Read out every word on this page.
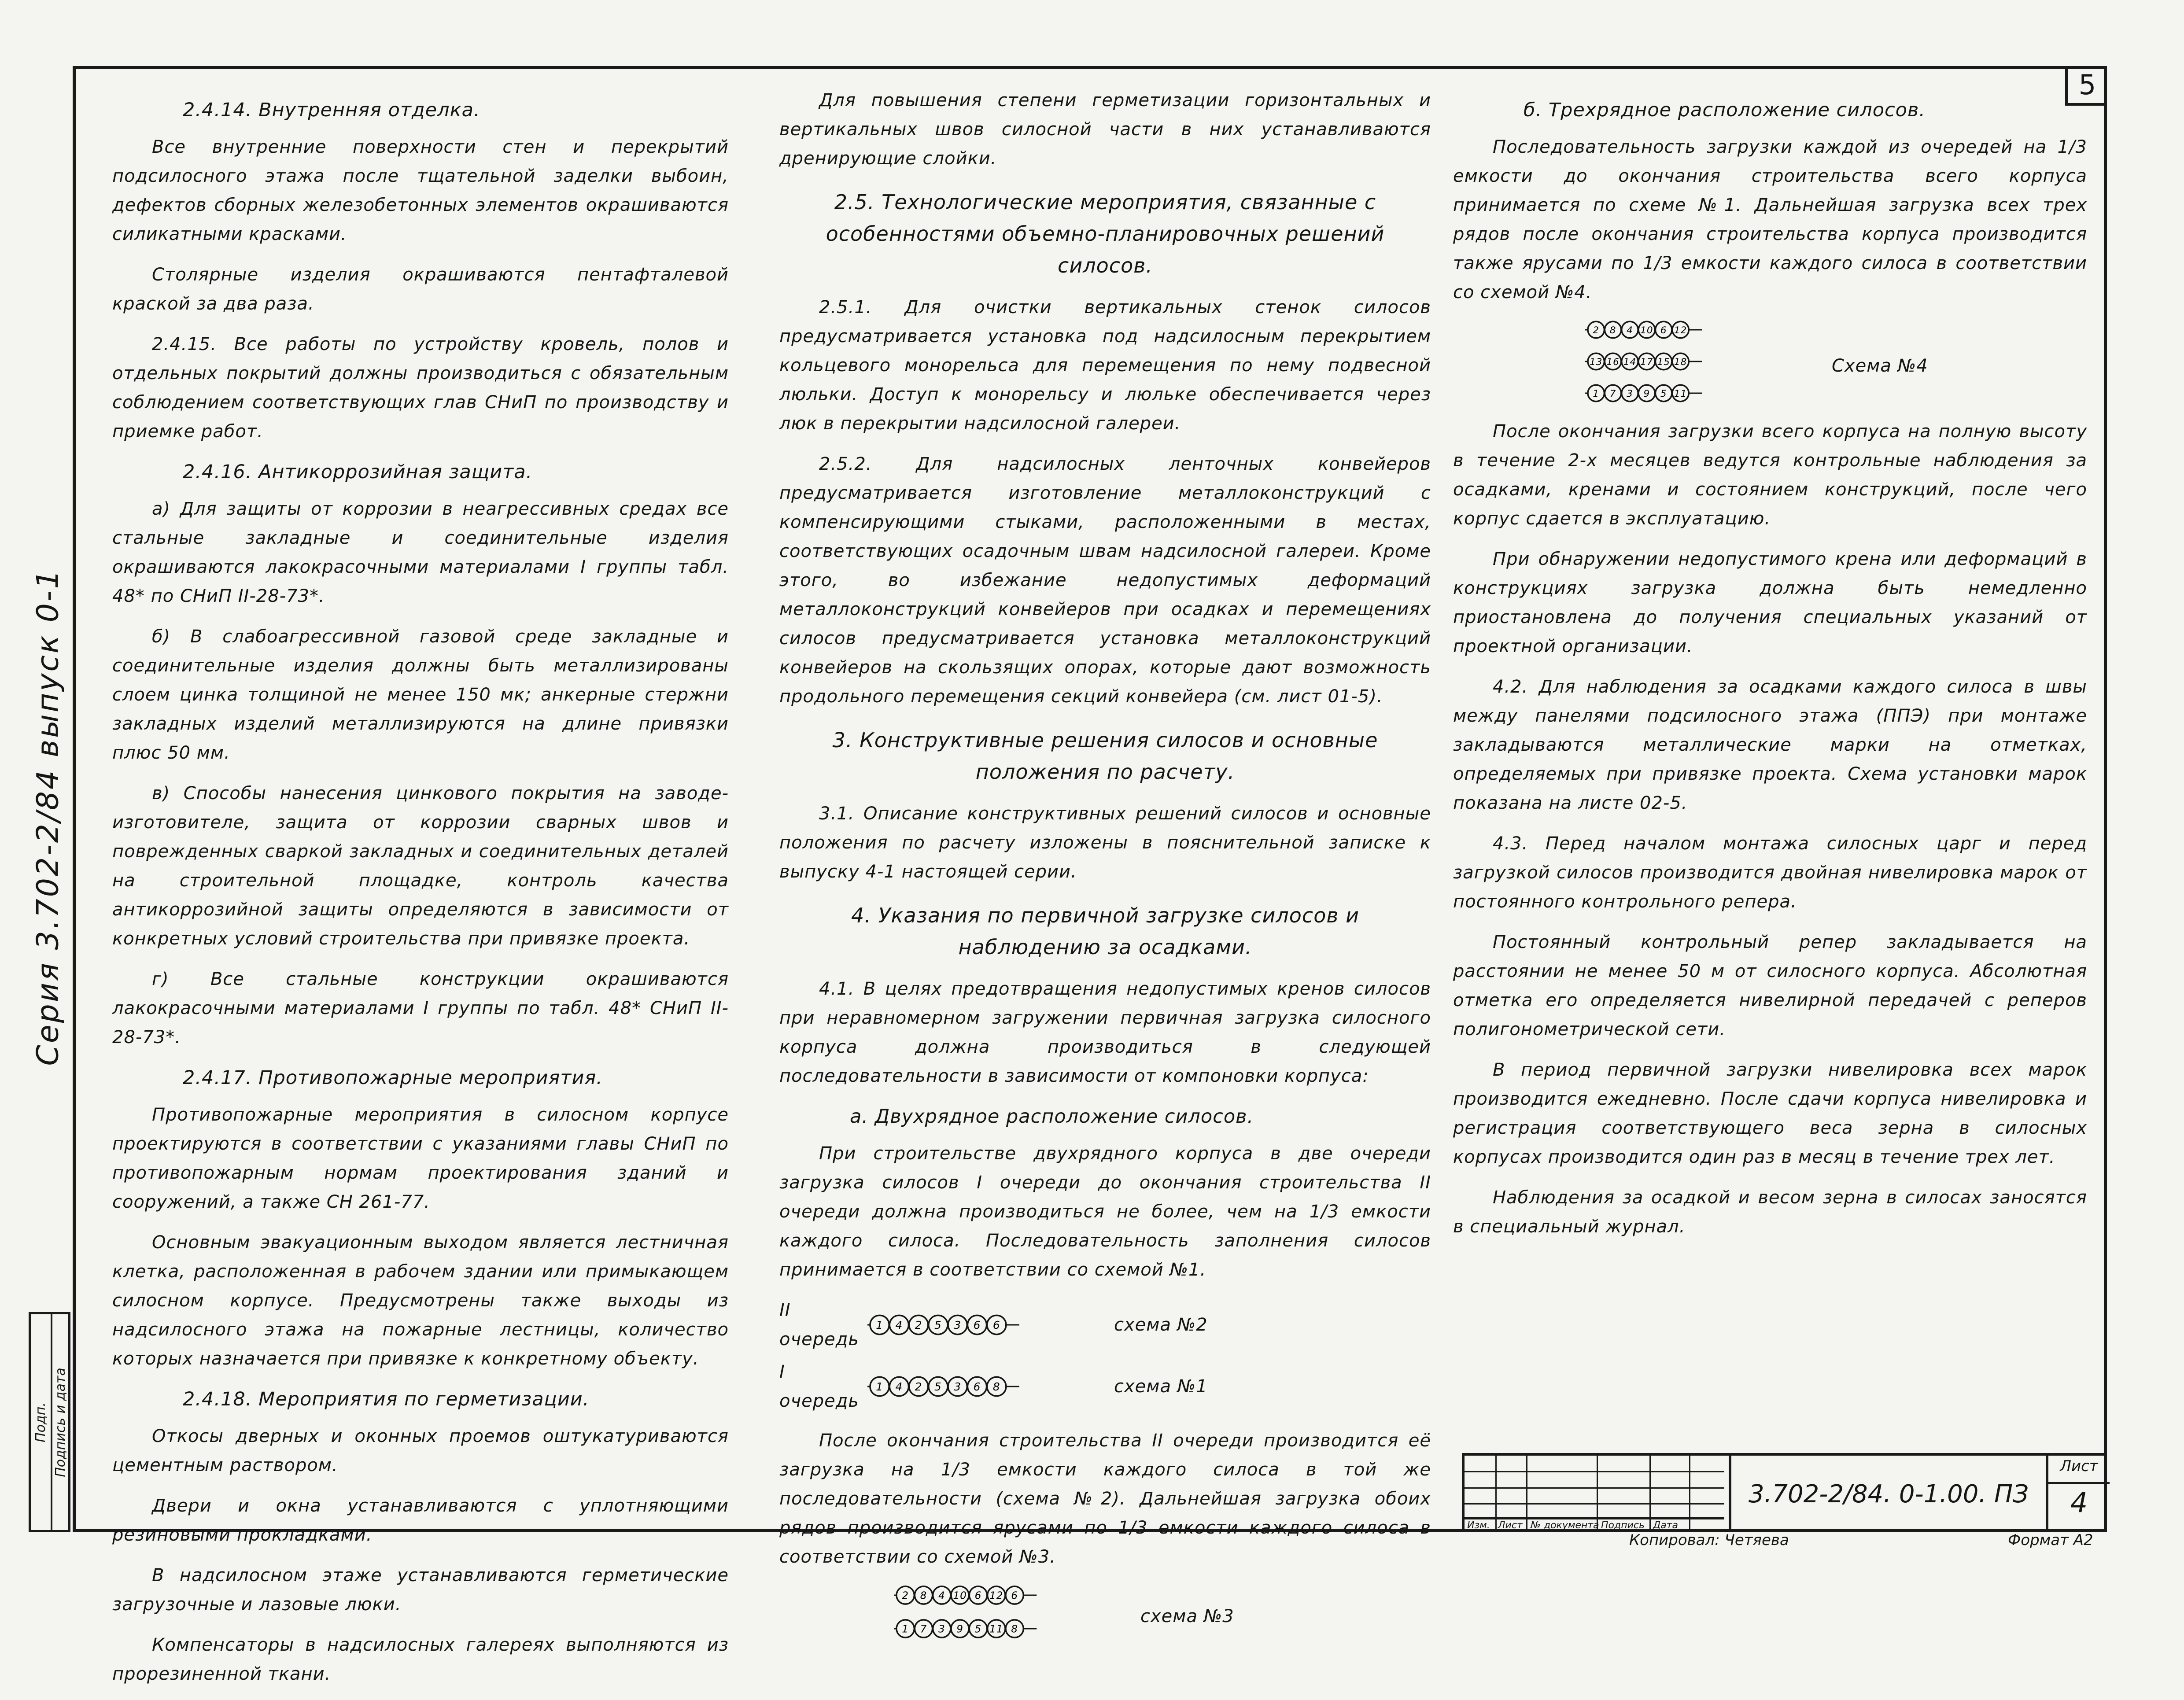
Серия 3.702-2/84 выпуск 0-1
Подп. Подпись и дата
5
2.4.14. Внутренняя отделка.

Все внутренние поверхности стен и перекрытий подсилосного этажа после тщательной заделки выбоин, дефектов сборных железобетонных элементов окрашиваются силикатными красками.

Столярные изделия окрашиваются пентафталевой краской за два раза.

2.4.15. Все работы по устройству кровель, полов и отдельных покрытий должны производиться с обязательным соблюдением соответствующих глав СНиП по производству и приемке работ.

2.4.16. Антикоррозийная защита.

а) Для защиты от коррозии в неагрессивных средах все стальные закладные и соединительные изделия окрашиваются лакокрасочными материалами I группы табл. 48* по СНиП II-28-73*.

б) В слабоагрессивной газовой среде закладные и соединительные изделия должны быть металлизированы слоем цинка толщиной не менее 150 мк; анкерные стержни закладных изделий металлизируются на длине привязки плюс 50 мм.

в) Способы нанесения цинкового покрытия на заводе-изготовителе, защита от коррозии сварных швов и поврежденных сваркой закладных и соединительных деталей на строительной площадке, контроль качества антикоррозийной защиты определяются в зависимости от конкретных условий строительства при привязке проекта.

г) Все стальные конструкции окрашиваются лакокрасочными материалами I группы по табл. 48* СНиП II-28-73*.

2.4.17. Противопожарные мероприятия.

Противопожарные мероприятия в силосном корпусе проектируются в соответствии с указаниями главы СНиП по противопожарным нормам проектирования зданий и сооружений, а также СН 261-77.

Основным эвакуационным выходом является лестничная клетка, расположенная в рабочем здании или примыкающем силосном корпусе. Предусмотрены также выходы из надсилосного этажа на пожарные лестницы, количество которых назначается при привязке к конкретному объекту.

2.4.18. Мероприятия по герметизации.

Откосы дверных и оконных проемов оштукатуриваются цементным раствором.

Двери и окна устанавливаются с уплотняющими резиновыми прокладками.

В надсилосном этаже устанавливаются герметические загрузочные и лазовые люки.

Компенсаторы в надсилосных галереях выполняются из прорезиненной ткани.

Для повышения степени герметизации горизонтальных и вертикальных швов силосной части в них устанавливаются дренирующие слойки.

2.5. Технологические мероприятия, связанные с особенностями объемно-планировочных решений силосов.

2.5.1. Для очистки вертикальных стенок силосов предусматривается установка под надсилосным перекрытием кольцевого монорельса для перемещения по нему подвесной люльки. Доступ к монорельсу и люльке обеспечивается через люк в перекрытии надсилосной галереи.

2.5.2. Для надсилосных ленточных конвейеров предусматривается изготовление металлоконструкций с компенсирующими стыками, расположенными в местах, соответствующих осадочным швам надсилосной галереи. Кроме этого, во избежание недопустимых деформаций металлоконструкций конвейеров при осадках и перемещениях силосов предусматривается установка металлоконструкций конвейеров на скользящих опорах, которые дают возможность продольного перемещения секций конвейера (см. лист 01-5).

3. Конструктивные решения силосов и основные положения по расчету.

3.1. Описание конструктивных решений силосов и основные положения по расчету изложены в пояснительной записке к выпуску 4-1 настоящей серии.

4. Указания по первичной загрузке силосов и наблюдению за осадками.

4.1. В целях предотвращения недопустимых кренов силосов при неравномерном загружении первичная загрузка силосного корпуса должна производиться в следующей последовательности в зависимости от компоновки корпуса:

а. Двухрядное расположение силосов.

При строительстве двухрядного корпуса в две очереди загрузка силосов I очереди до окончания строительства II очереди должна производиться не более, чем на 1/3 емкости каждого силоса. Последовательность заполнения силосов принимается в соответствии со схемой №1.

II очередь
1 4 2 5 3 6 6	схема №2
I очередь
1 4 2 5 3 6 8	схема №1

После окончания строительства II очереди производится её загрузка на 1/3 емкости каждого силоса в той же последовательности (схема №2). Дальнейшая загрузка обоих рядов производится ярусами по 1/3 емкости каждого силоса в соответствии со схемой №3.

2 8 4 10 6 12 6

1 7 3 9 5 11 8
схема №3
б. Трехрядное расположение силосов.

Последовательность загрузки каждой из очередей на 1/3 емкости до окончания строительства всего корпуса принимается по схеме №1. Дальнейшая загрузка всех трех рядов после окончания строительства корпуса производится также ярусами по 1/3 емкости каждого силоса в соответствии со схемой №4.

2 8 4 10 6 12

13 16 14 17 15 18

1 7 3 9 5 11
Схема №4

После окончания загрузки всего корпуса на полную высоту в течение 2-х месяцев ведутся контрольные наблюдения за осадками, кренами и состоянием конструкций, после чего корпус сдается в эксплуатацию.

При обнаружении недопустимого крена или деформаций в конструкциях загрузка должна быть немедленно приостановлена до получения специальных указаний от проектной организации.

4.2. Для наблюдения за осадками каждого силоса в швы между панелями подсилосного этажа (ППЭ) при монтаже закладываются металлические марки на отметках, определяемых при привязке проекта. Схема установки марок показана на листе 02-5.

4.3. Перед началом монтажа силосных царг и перед загрузкой силосов производится двойная нивелировка марок от постоянного контрольного репера.

Постоянный контрольный репер закладывается на расстоянии не менее 50 м от силосного корпуса. Абсолютная отметка его определяется нивелирной передачей с реперов полигонометрической сети.

В период первичной загрузки нивелировка всех марок производится ежедневно. После сдачи корпуса нивелировка и регистрация соответствующего веса зерна в силосных корпусах производится один раз в месяц в течение трех лет.

Наблюдения за осадкой и весом зерна в силосах заносятся в специальный журнал.

Изм. Лист № документа Подпись Дата
3.702-2/84. 0-1.00. ПЗ
Лист
4
Копировал: Четяева	Формат А2
